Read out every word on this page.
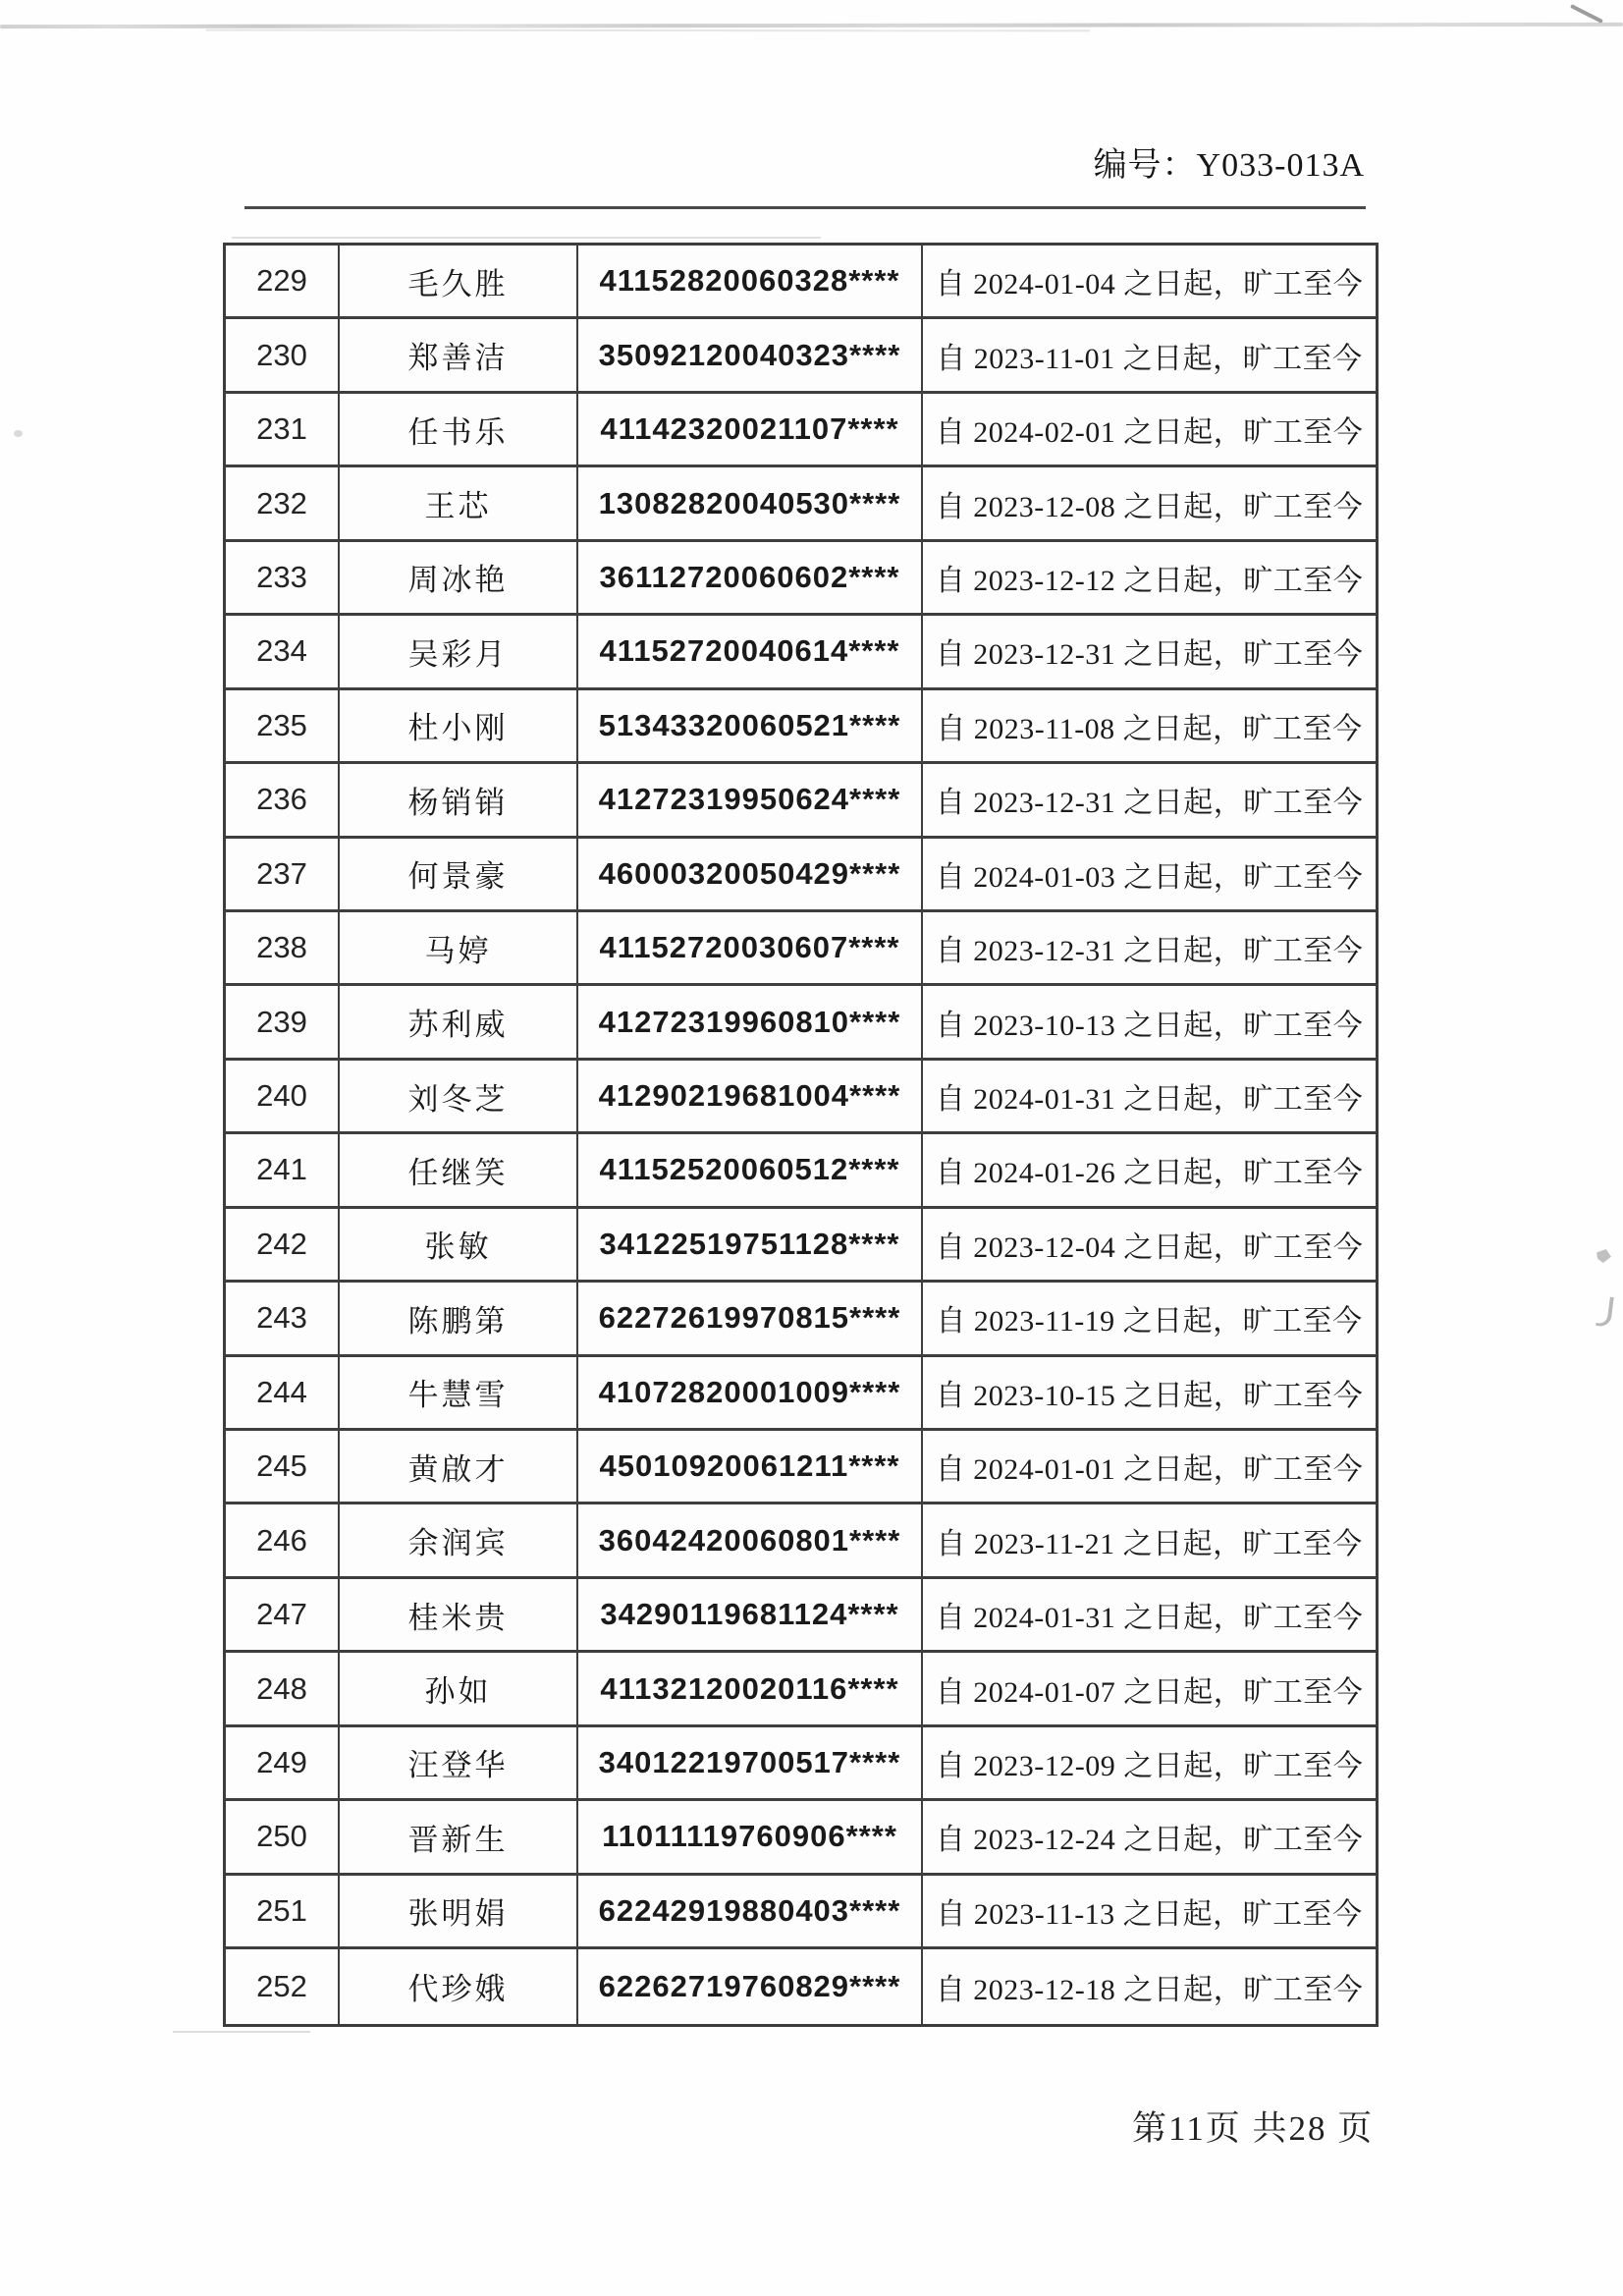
编号：Y033-013A
229	毛久胜	41152820060328****	自 2024-01-04 之日起，旷工至今
230	郑善洁	35092120040323****	自 2023-11-01 之日起，旷工至今
231	任书乐	41142320021107****	自 2024-02-01 之日起，旷工至今
232	王芯	13082820040530****	自 2023-12-08 之日起，旷工至今
233	周冰艳	36112720060602****	自 2023-12-12 之日起，旷工至今
234	吴彩月	41152720040614****	自 2023-12-31 之日起，旷工至今
235	杜小刚	51343320060521****	自 2023-11-08 之日起，旷工至今
236	杨销销	41272319950624****	自 2023-12-31 之日起，旷工至今
237	何景豪	46000320050429****	自 2024-01-03 之日起，旷工至今
238	马婷	41152720030607****	自 2023-12-31 之日起，旷工至今
239	苏利威	41272319960810****	自 2023-10-13 之日起，旷工至今
240	刘冬芝	41290219681004****	自 2024-01-31 之日起，旷工至今
241	任继笑	41152520060512****	自 2024-01-26 之日起，旷工至今
242	张敏	34122519751128****	自 2023-12-04 之日起，旷工至今
243	陈鹏第	62272619970815****	自 2023-11-19 之日起，旷工至今
244	牛慧雪	41072820001009****	自 2023-10-15 之日起，旷工至今
245	黄啟才	45010920061211****	自 2024-01-01 之日起，旷工至今
246	余润宾	36042420060801****	自 2023-11-21 之日起，旷工至今
247	桂米贵	34290119681124****	自 2024-01-31 之日起，旷工至今
248	孙如	41132120020116****	自 2024-01-07 之日起，旷工至今
249	汪登华	34012219700517****	自 2023-12-09 之日起，旷工至今
250	晋新生	11011119760906****	自 2023-12-24 之日起，旷工至今
251	张明娟	62242919880403****	自 2023-11-13 之日起，旷工至今
252	代珍娥	62262719760829****	自 2023-12-18 之日起，旷工至今
第11页 共28 页
